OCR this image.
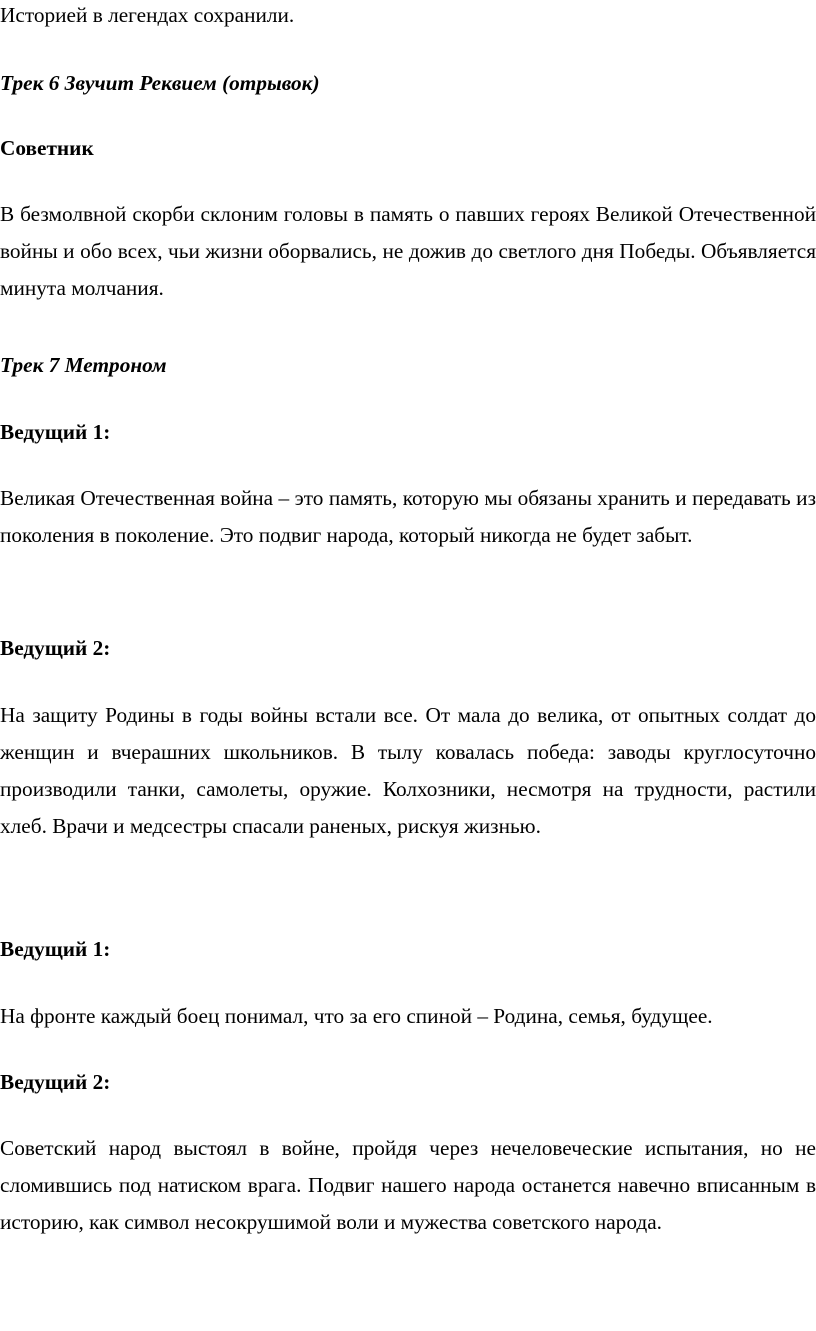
Историей в легендах сохранили.
Трек 6 Звучит Реквием (отрывок)
Советник
В безмолвной скорби склоним головы в память о павших героях Великой Отечественной войны и обо всех, чьи жизни оборвались, не дожив до светлого дня Победы. Объявляется минута молчания.
Трек 7 Метроном
Ведущий 1:
Великая Отечественная война – это память, которую мы обязаны хранить и передавать из поколения в поколение. Это подвиг народа, который никогда не будет забыт.
Ведущий 2:
На защиту Родины в годы войны встали все. От мала до велика, от опытных солдат до женщин и вчерашних школьников. В тылу ковалась победа: заводы круглосуточно производили танки, самолеты, оружие. Колхозники, несмотря на трудности, растили хлеб. Врачи и медсестры спасали раненых, рискуя жизнью.
Ведущий 1:
На фронте каждый боец понимал, что за его спиной – Родина, семья, будущее.
Ведущий 2:
Советский народ выстоял в войне, пройдя через нечеловеческие испытания, но не сломившись под натиском врага. Подвиг нашего народа останется навечно вписанным в историю, как символ несокрушимой воли и мужества советского народа.
